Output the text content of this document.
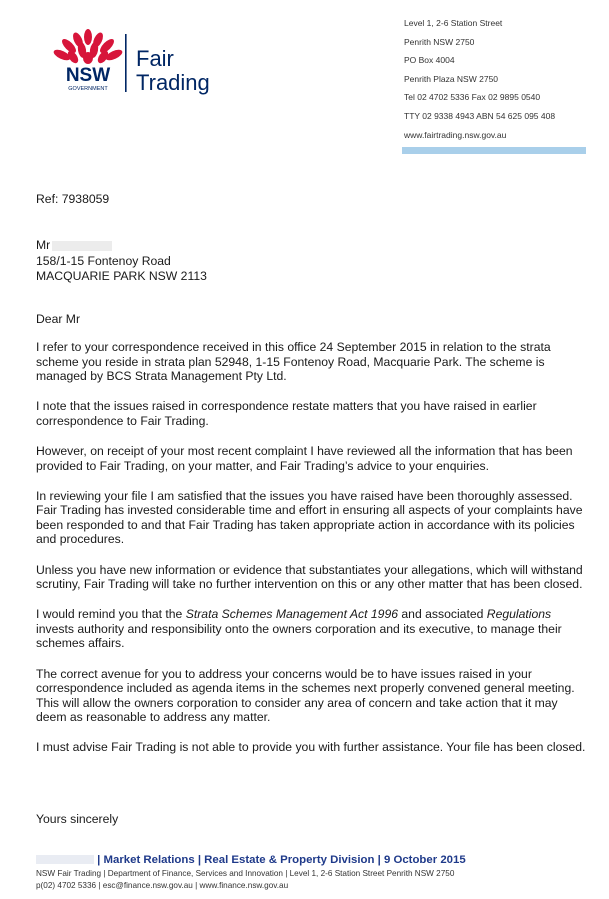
NSW
GOVERNMENT
Fair
Trading
Level 1, 2-6 Station Street
Penrith NSW 2750
PO Box 4004
Penrith Plaza NSW 2750
Tel 02 4702 5336 Fax 02 9895 0540
TTY 02 9338 4943 ABN 54 625 095 408
www.fairtrading.nsw.gov.au
Ref: 7938059
Mr
158/1-15 Fontenoy Road
MACQUARIE PARK NSW 2113
Dear Mr

I refer to your correspondence received in this office 24 September 2015 in relation to the strata scheme you reside in strata plan 52948, 1-15 Fontenoy Road, Macquarie Park. The scheme is managed by BCS Strata Management Pty Ltd.

I note that the issues raised in correspondence restate matters that you have raised in earlier correspondence to Fair Trading.

However, on receipt of your most recent complaint I have reviewed all the information that has been provided to Fair Trading, on your matter, and Fair Trading’s advice to your enquiries.

In reviewing your file I am satisfied that the issues you have raised have been thoroughly assessed. Fair Trading has invested considerable time and effort in ensuring all aspects of your complaints have been responded to and that Fair Trading has taken appropriate action in accordance with its policies and procedures.

Unless you have new information or evidence that substantiates your allegations, which will withstand scrutiny, Fair Trading will take no further intervention on this or any other matter that has been closed.

I would remind you that the Strata Schemes Management Act 1996 and associated Regulations invests authority and responsibility onto the owners corporation and its executive, to manage their schemes affairs.

The correct avenue for you to address your concerns would be to have issues raised in your correspondence included as agenda items in the schemes next properly convened general meeting. This will allow the owners corporation to consider any area of concern and take action that it may deem as reasonable to address any matter.

I must advise Fair Trading is not able to provide you with further assistance. Your file has been closed.

Yours sincerely
| Market Relations | Real Estate & Property Division | 9 October 2015
NSW Fair Trading | Department of Finance, Services and Innovation | Level 1, 2-6 Station Street Penrith NSW 2750
p(02) 4702 5336 | esc@finance.nsw.gov.au | www.finance.nsw.gov.au
